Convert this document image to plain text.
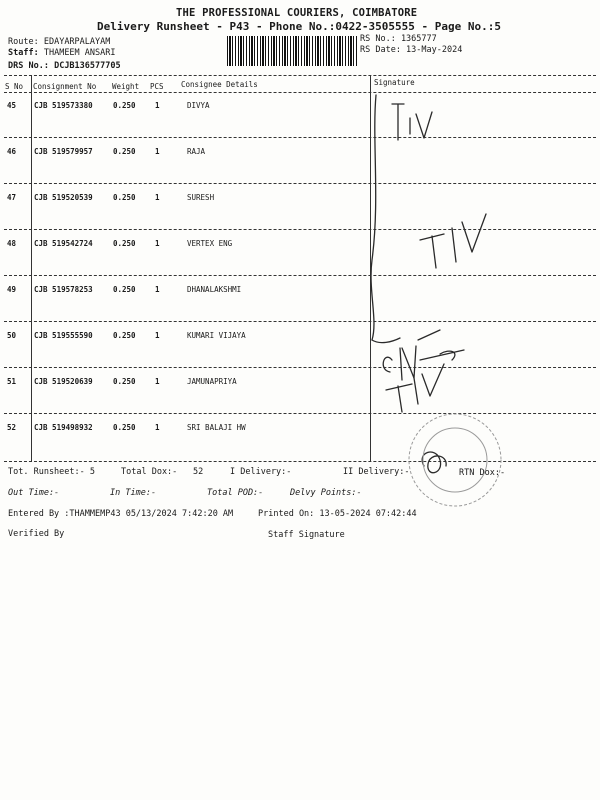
THE PROFESSIONAL COURIERS, COIMBATORE
Delivery Runsheet - P43 - Phone No.:0422-3505555 - Page No.:5
Route: EDAYARPALAYAM
Staff: THAMEEM ANSARI
DRS No.: DCJB136577705
RS No.: 1365777
RS Date: 13-May-2024
S No Consignment No Weight PCS Consignee Details	Signature
45 CJB 519573380	0.250	1	DIVYA
46 CJB 519579957	0.250	1	RAJA
47 CJB 519520539	0.250	1	SURESH
48 CJB 519542724	0.250	1	VERTEX ENG
49 CJB 519578253	0.250	1	DHANALAKSHMI
50 CJB 519555590	0.250	1	KUMARI VIJAYA
51 CJB 519520639	0.250	1	JAMUNAPRIYA
52 CJB 519498932	0.250	1	SRI BALAJI HW
Tot. Runsheet:- 5	Total Dox:- 52	I Delivery:-	II Delivery:-	RTN Dox:-
Out Time:-	In Time:-	Total POD:-	Delvy Points:-
Entered By :THAMMEMP43 05/13/2024 7:42:20 AM	Printed On: 13-05-2024 07:42:44
Verified By	Staff Signature
